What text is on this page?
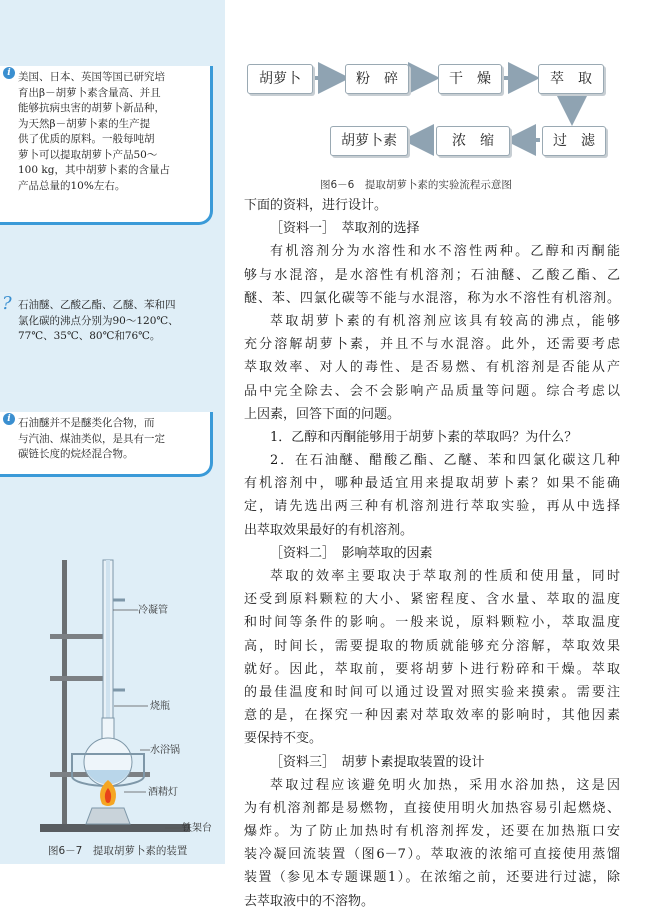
i 美国、日本、英国等国已研究培
育出β－胡萝卜素含量高、并且
能够抗病虫害的胡萝卜新品种，
为天然β－胡萝卜素的生产提
供了优质的原料。一般每吨胡
萝卜可以提取胡萝卜产品50～
100 kg，其中胡萝卜素的含量占
产品总量的10%左右。
? 石油醚、乙酸乙酯、乙醚、苯和四
氯化碳的沸点分别为90～120℃、
77℃、35℃、80℃和76℃。
i 石油醚并不是醚类化合物，而
与汽油、煤油类似，是具有一定
碳链长度的烷烃混合物。
冷凝管
烧瓶
水浴锅
酒精灯
铁架台
图6－7　提取胡萝卜素的装置
胡萝卜	粉　碎	干　燥	萃　取
过　滤
浓　缩
胡萝卜素
图6－6　提取胡萝卜素的实验流程示意图
下面的资料，进行设计。
［资料一］　萃取剂的选择
有机溶剂分为水溶性和水不溶性两种。乙醇和丙酮能
够与水混溶，是水溶性有机溶剂；石油醚、乙酸乙酯、乙
醚、苯、四氯化碳等不能与水混溶，称为水不溶性有机溶剂。
萃取胡萝卜素的有机溶剂应该具有较高的沸点，能够
充分溶解胡萝卜素，并且不与水混溶。此外，还需要考虑
萃取效率、对人的毒性、是否易燃、有机溶剂是否能从产
品中完全除去、会不会影响产品质量等问题。综合考虑以
上因素，回答下面的问题。
1．乙醇和丙酮能够用于胡萝卜素的萃取吗？为什么？
2．在石油醚、醋酸乙酯、乙醚、苯和四氯化碳这几种
有机溶剂中，哪种最适宜用来提取胡萝卜素？如果不能确
定，请先选出两三种有机溶剂进行萃取实验，再从中选择
出萃取效果最好的有机溶剂。
［资料二］　影响萃取的因素
萃取的效率主要取决于萃取剂的性质和使用量，同时
还受到原料颗粒的大小、紧密程度、含水量、萃取的温度
和时间等条件的影响。一般来说，原料颗粒小，萃取温度
高，时间长，需要提取的物质就能够充分溶解，萃取效果
就好。因此，萃取前，要将胡萝卜进行粉碎和干燥。萃取
的最佳温度和时间可以通过设置对照实验来摸索。需要注
意的是，在探究一种因素对萃取效率的影响时，其他因素
要保持不变。
［资料三］　胡萝卜素提取装置的设计
萃取过程应该避免明火加热，采用水浴加热，这是因
为有机溶剂都是易燃物，直接使用明火加热容易引起燃烧、
爆炸。为了防止加热时有机溶剂挥发，还要在加热瓶口安
装冷凝回流装置（图6－7）。萃取液的浓缩可直接使用蒸馏
装置（参见本专题课题1）。在浓缩之前，还要进行过滤，除
去萃取液中的不溶物。
